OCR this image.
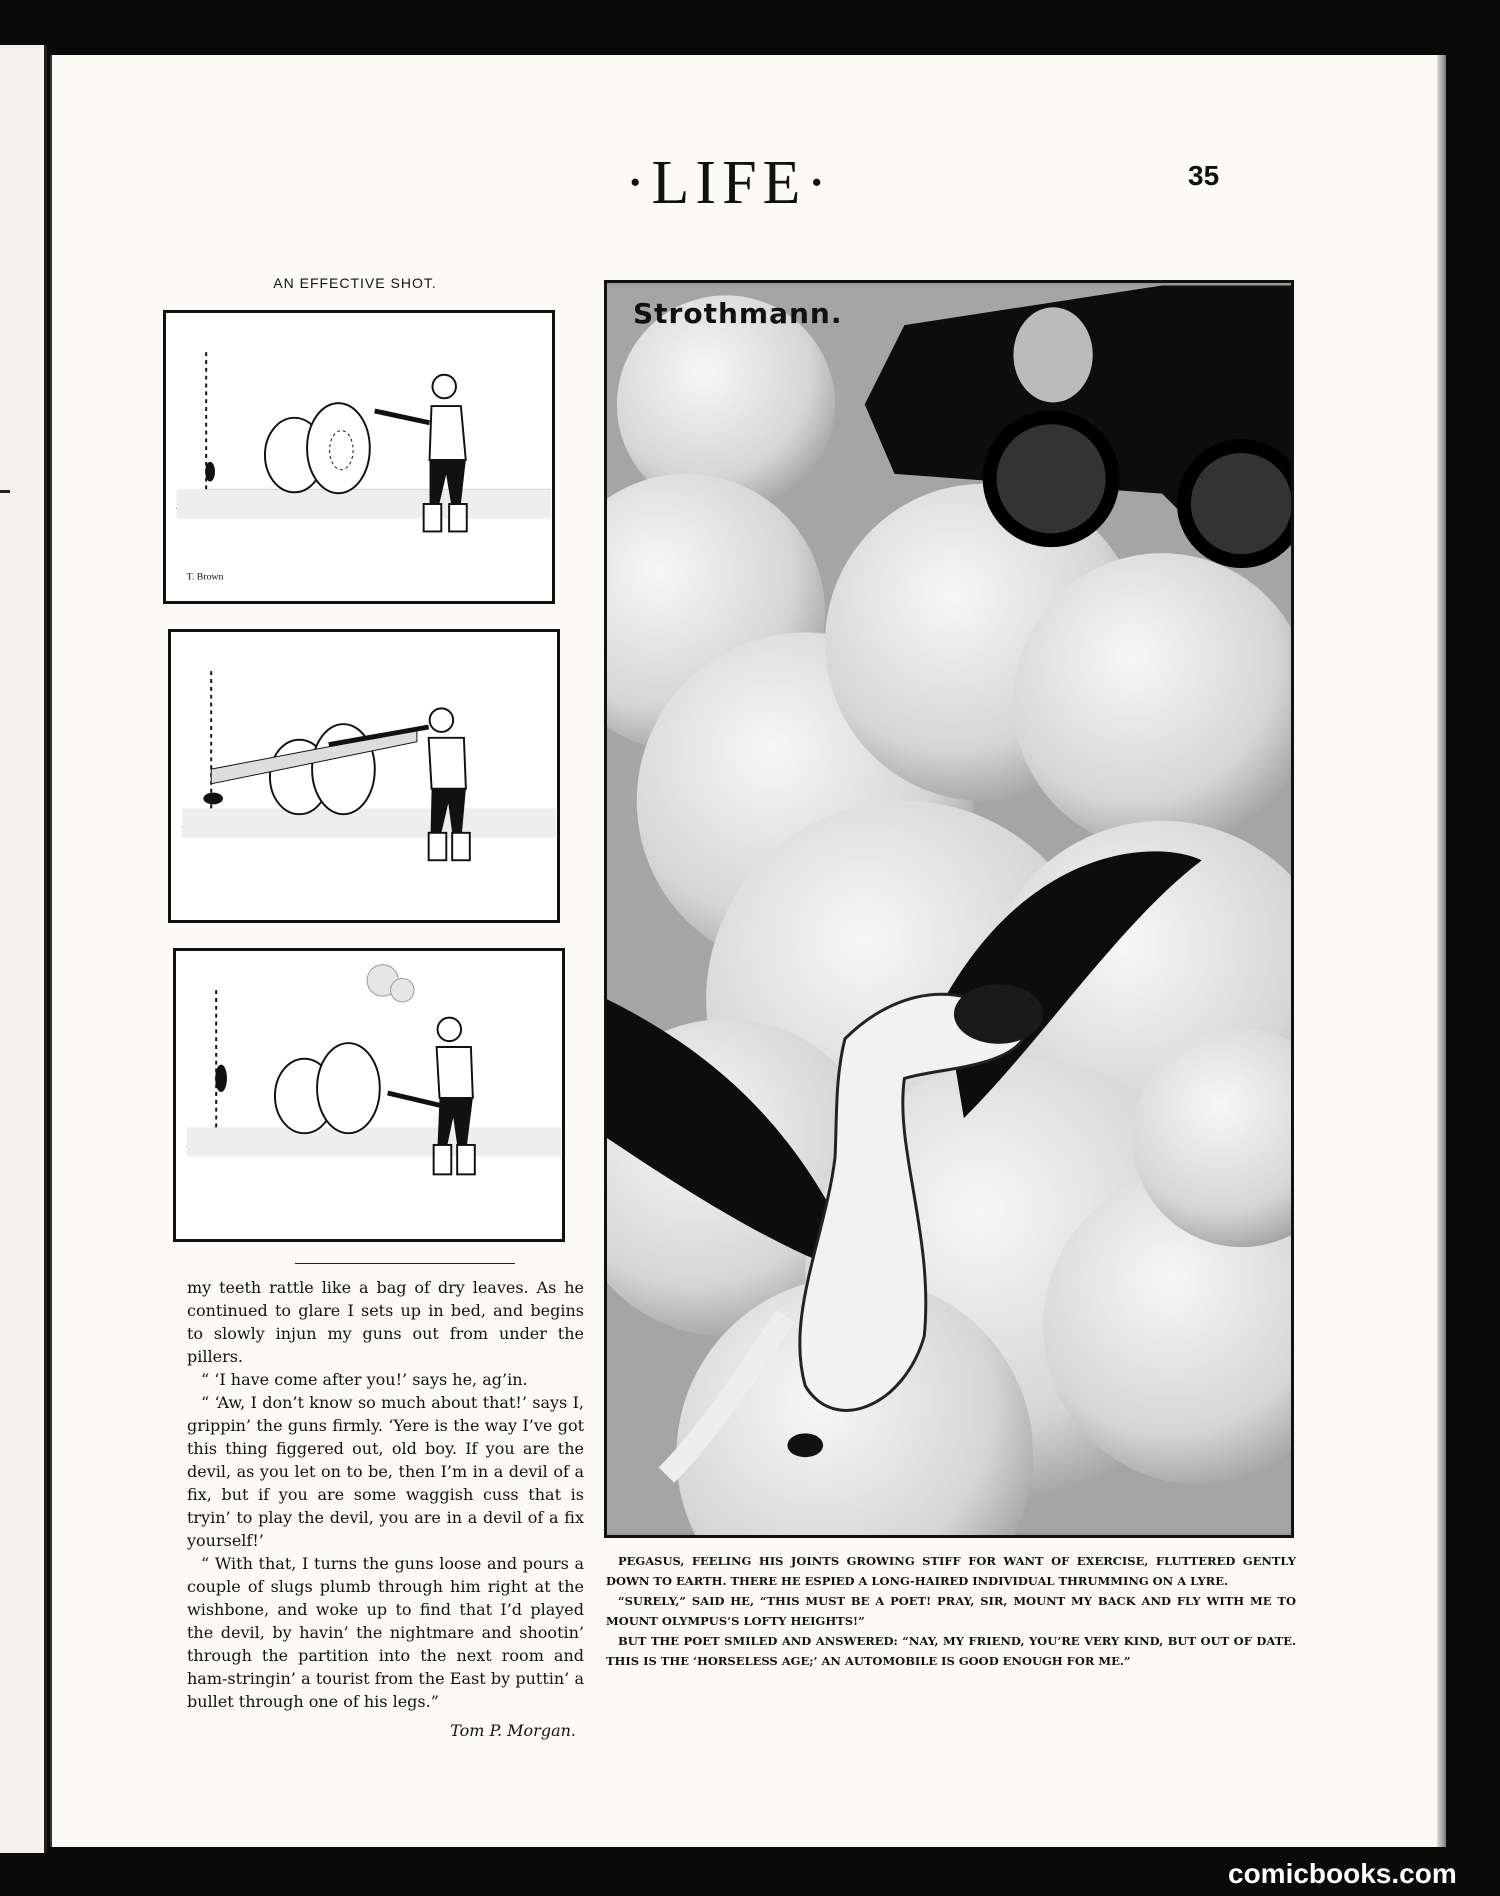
·LIFE·	35
AN EFFECTIVE SHOT.
T. Brown

my teeth rattle like a bag of dry leaves. As he continued to glare I sets up in bed, and begins to slowly injun my guns out from under the pillers.

“ ‘I have come after you!’ says he, ag’in.

“ ‘Aw, I don’t know so much about that!’ says I, grippin’ the guns firmly. ‘Yere is the way I’ve got this thing figgered out, old boy. If you are the devil, as you let on to be, then I’m in a devil of a fix, but if you are some waggish cuss that is tryin’ to play the devil, you are in a devil of a fix yourself!’

“ With that, I turns the guns loose and pours a couple of slugs plumb through him right at the wishbone, and woke up to find that I’d played the devil, by havin’ the nightmare and shootin’ through the partition into the next room and ham-stringin’ a tourist from the East by puttin’ a bullet through one of his legs.”

Tom P. Morgan.

Strothmann.

PEGASUS, FEELING HIS JOINTS GROWING STIFF FOR WANT OF EXERCISE, FLUTTERED GENTLY DOWN TO EARTH. THERE HE ESPIED A LONG-HAIRED INDIVIDUAL THRUMMING ON A LYRE.

“SURELY,” SAID HE, “THIS MUST BE A POET! PRAY, SIR, MOUNT MY BACK AND FLY WITH ME TO MOUNT OLYMPUS’S LOFTY HEIGHTS!”

BUT THE POET SMILED AND ANSWERED: “NAY, MY FRIEND, YOU’RE VERY KIND, BUT OUT OF DATE. THIS IS THE ‘HORSELESS AGE;’ AN AUTOMOBILE IS GOOD ENOUGH FOR ME.”

comicbooks.com
